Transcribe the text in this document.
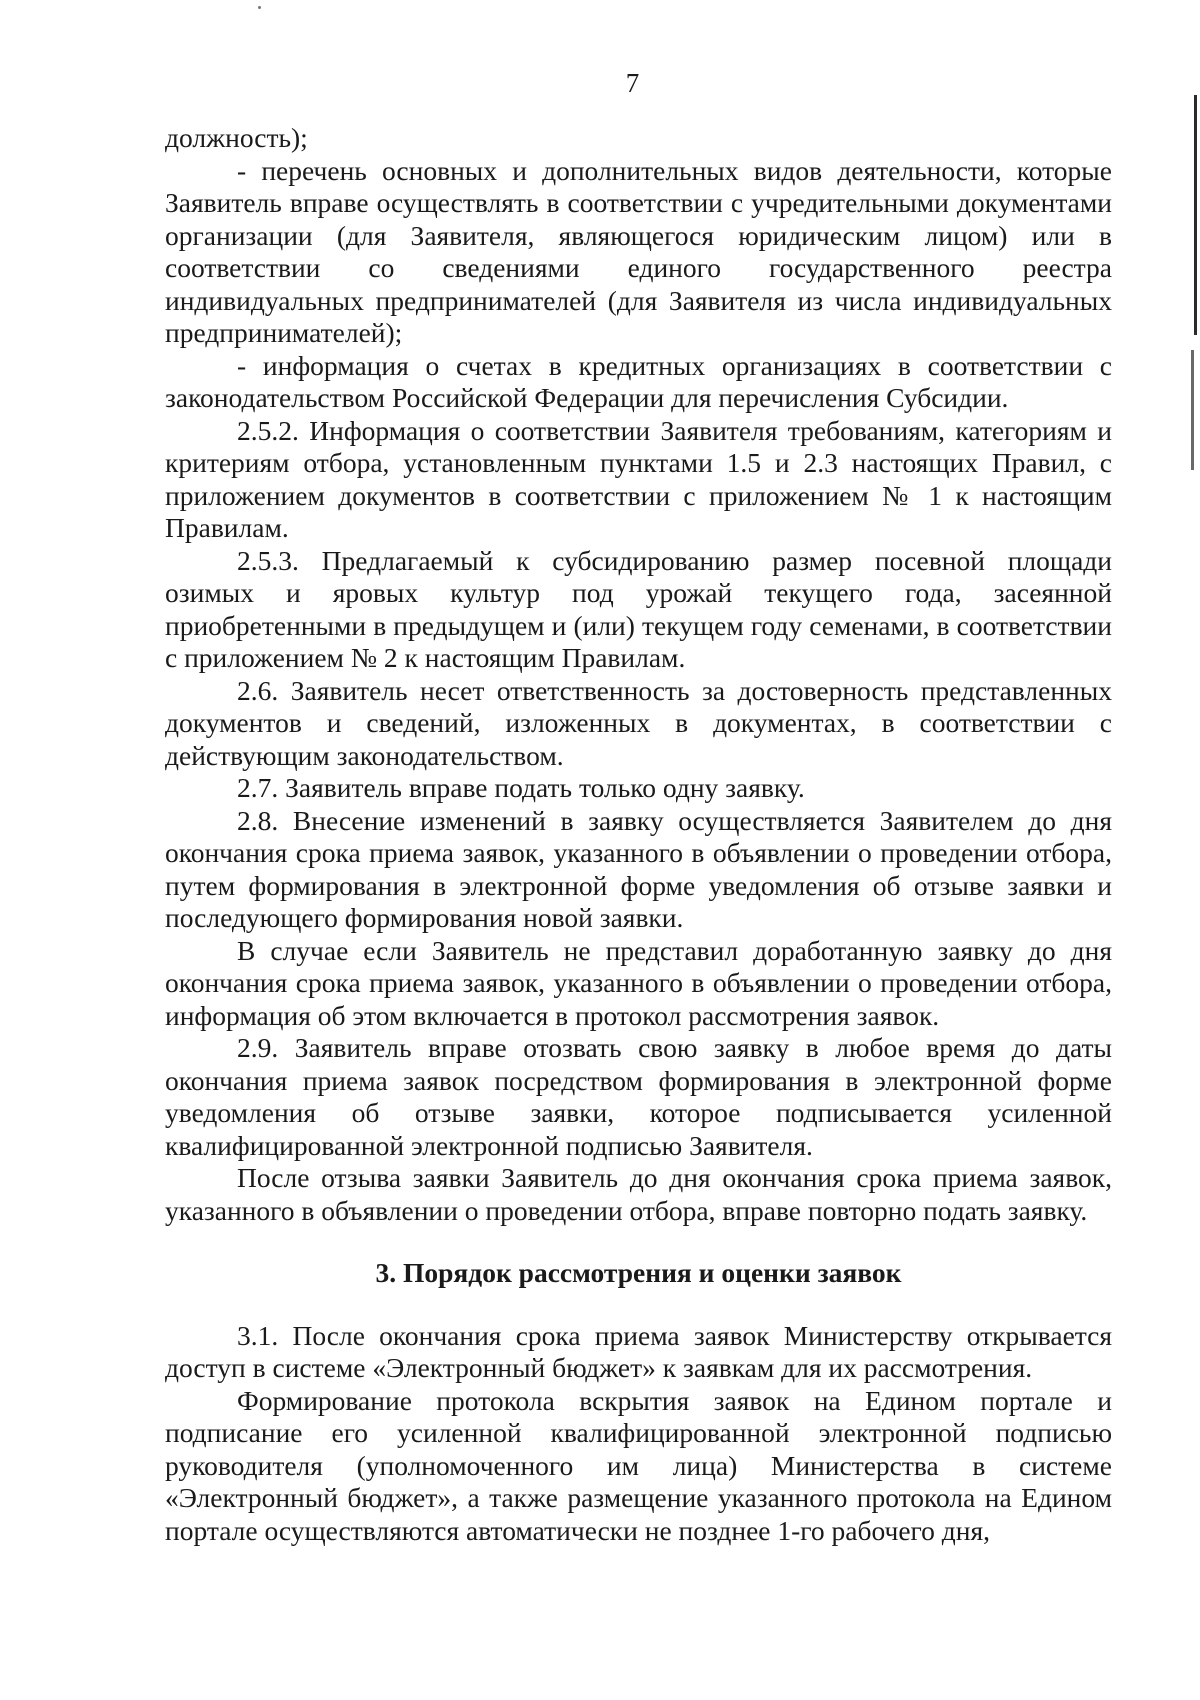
7

должность);

- перечень основных и дополнительных видов деятельности, которые Заявитель вправе осуществлять в соответствии с учредительными документами организации (для Заявителя, являющегося юридическим лицом) или в соответствии со сведениями единого государственного реестра индивидуальных предпринимателей (для Заявителя из числа индивидуальных предпринимателей);

- информация о счетах в кредитных организациях в соответствии с законодательством Российской Федерации для перечисления Субсидии.

2.5.2. Информация о соответствии Заявителя требованиям, категориям и критериям отбора, установленным пунктами 1.5 и 2.3 настоящих Правил, с приложением документов в соответствии с приложением № 1 к настоящим Правилам.

2.5.3. Предлагаемый к субсидированию размер посевной площади озимых и яровых культур под урожай текущего года, засеянной приобретенными в предыдущем и (или) текущем году семенами, в соответствии с приложением № 2 к настоящим Правилам.

2.6. Заявитель несет ответственность за достоверность представленных документов и сведений, изложенных в документах, в соответствии с действующим законодательством.

2.7. Заявитель вправе подать только одну заявку.

2.8. Внесение изменений в заявку осуществляется Заявителем до дня окончания срока приема заявок, указанного в объявлении о проведении отбора, путем формирования в электронной форме уведомления об отзыве заявки и последующего формирования новой заявки.

В случае если Заявитель не представил доработанную заявку до дня окончания срока приема заявок, указанного в объявлении о проведении отбора, информация об этом включается в протокол рассмотрения заявок.

2.9. Заявитель вправе отозвать свою заявку в любое время до даты окончания приема заявок посредством формирования в электронной форме уведомления об отзыве заявки, которое подписывается усиленной квалифицированной электронной подписью Заявителя.

После отзыва заявки Заявитель до дня окончания срока приема заявок, указанного в объявлении о проведении отбора, вправе повторно подать заявку.

3. Порядок рассмотрения и оценки заявок

3.1. После окончания срока приема заявок Министерству открывается доступ в системе «Электронный бюджет» к заявкам для их рассмотрения.

Формирование протокола вскрытия заявок на Едином портале и подписание его усиленной квалифицированной электронной подписью руководителя (уполномоченного им лица) Министерства в системе «Электронный бюджет», а также размещение указанного протокола на Едином портале осуществляются автоматически не позднее 1-го рабочего дня,
